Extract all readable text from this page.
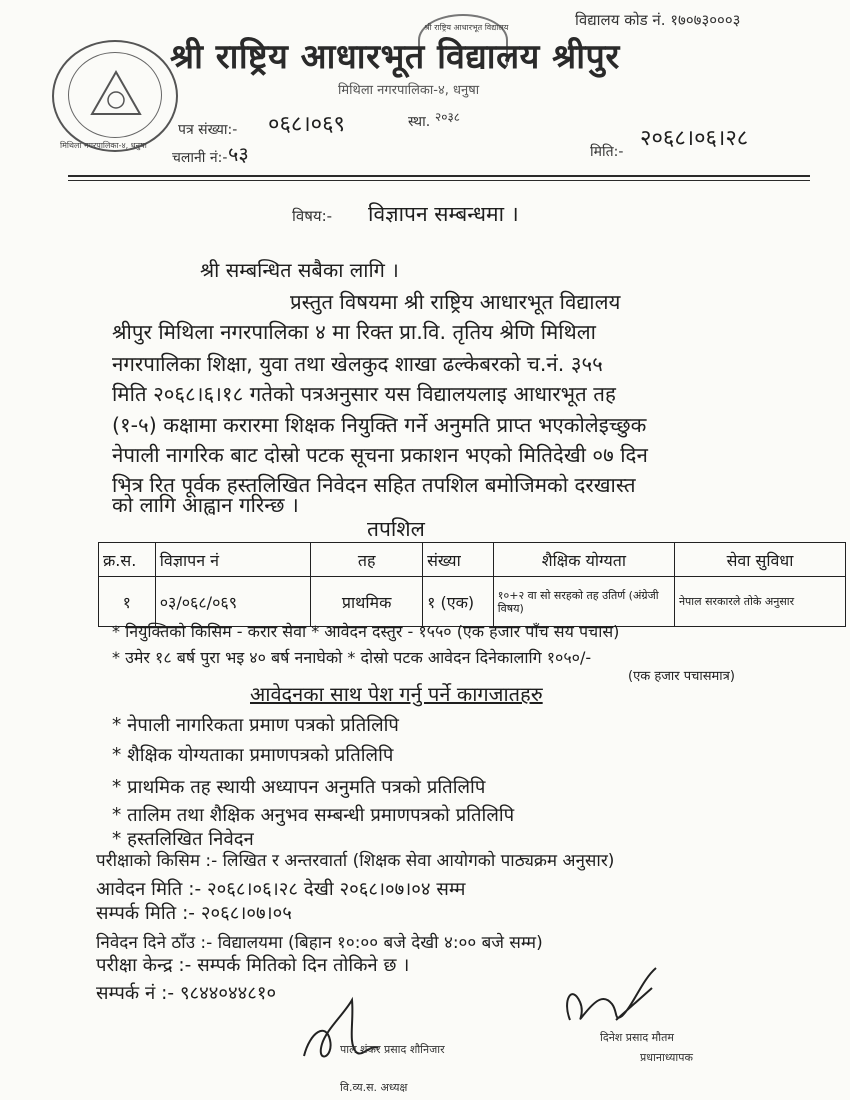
मिथिला नगरपालिका-४, धनुषा
श्री राष्ट्रिय आधारभूत विद्यालय	विद्यालय कोड नं. १७०७३०००३
श्री राष्ट्रिय आधारभूत विद्यालय श्रीपुर
मिथिला नगरपालिका-४, धनुषा
पत्र संख्या:- ०६८।०६९	स्था. २०३८
चलानी नं:- ५३	मिति:-
२०६८।०६।२८
विषय:- विज्ञापन सम्बन्धमा ।
श्री सम्बन्धित सबैका लागि ।
प्रस्तुत विषयमा श्री राष्ट्रिय आधारभूत विद्यालय
श्रीपुर मिथिला नगरपालिका ४ मा रिक्त प्रा.वि. तृतिय श्रेणि मिथिला
नगरपालिका शिक्षा, युवा तथा खेलकुद शाखा ढल्केबरको च.नं. ३५५
मिति २०६८।६।१८ गतेको पत्रअनुसार यस विद्यालयलाइ आधारभूत तह
(१-५) कक्षामा करारमा शिक्षक नियुक्ति गर्ने अनुमति प्राप्त भएकोलेइच्छुक
नेपाली नागरिक बाट दोस्रो पटक सूचना प्रकाशन भएको मितिदेखी ०७ दिन
भित्र रित पूर्वक हस्तलिखित निवेदन सहित तपशिल बमोजिमको दरखास्त
को लागि आह्वान गरिन्छ ।
तपशिल
क्र.स.	विज्ञापन नं	तह	संख्या	शैक्षिक योग्यता	सेवा सुविधा
१	०३/०६८/०६९	प्राथमिक	१ (एक)	१०+२ वा सो सरहको तह उतिर्ण (अंग्रेजी विषय)	नेपाल सरकारले तोके अनुसार
* नियुक्तिको किसिम - करार सेवा * आवेदन दस्तुर - १५५० (एक हजार पाँच सय पचास)
* उमेर १८ बर्ष पुरा भइ ४० बर्ष ननाघेको * दोस्रो पटक आवेदन दिनेकालागि १०५०/-
(एक हजार पचासमात्र)
आवेदनका साथ पेश गर्नु पर्ने कागजातहरु
* नेपाली नागरिकता प्रमाण पत्रको प्रतिलिपि
* शैक्षिक योग्यताका प्रमाणपत्रको प्रतिलिपि
* प्राथमिक तह स्थायी अध्यापन अनुमति पत्रको प्रतिलिपि
* तालिम तथा शैक्षिक अनुभव सम्बन्धी प्रमाणपत्रको प्रतिलिपि
* हस्तलिखित निवेदन
परीक्षाको किसिम :- लिखित र अन्तरवार्ता (शिक्षक सेवा आयोगको पाठ्यक्रम अनुसार)
आवेदन मिति :- २०६८।०६।२८ देखी २०६८।०७।०४ सम्म
सम्पर्क मिति :- २०६८।०७।०५
निवेदन दिने ठाँउ :- विद्यालयमा (बिहान १०:०० बजे देखी ४:०० बजे सम्म)
परीक्षा केन्द्र :- सम्पर्क मितिको दिन तोकिने छ ।
सम्पर्क नं :- ९८४४०४४८१०
पाल शंकर प्रसाद शौनिजार
वि.व्य.स. अध्यक्ष
दिनेश प्रसाद मौतम
प्रधानाध्यापक
